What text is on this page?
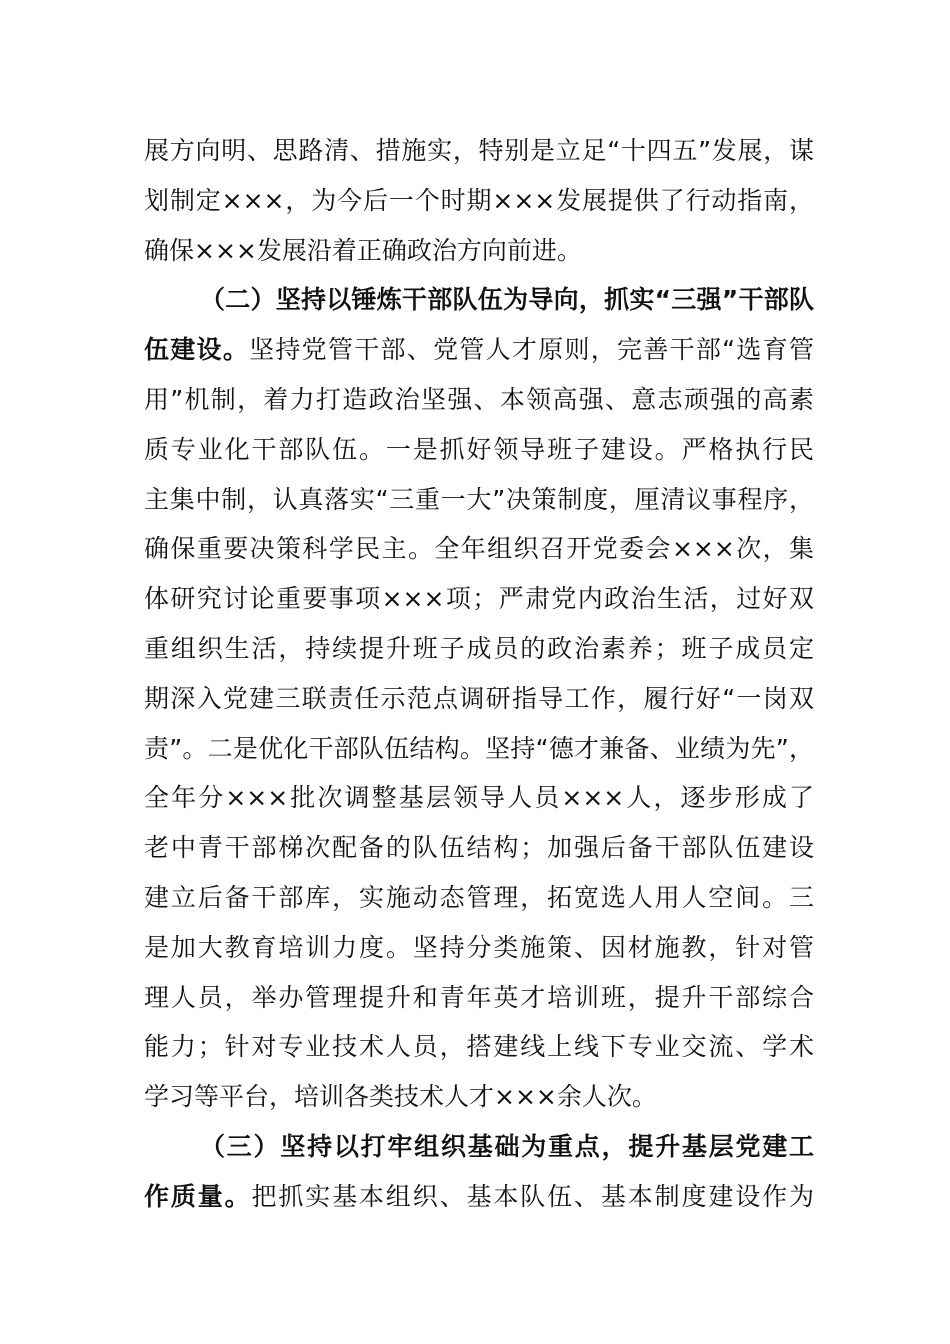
展方向明、思路清、措施实，特别是立足“十四五”发展，谋
划制定×××，为今后一个时期×××发展提供了行动指南，
确保×××发展沿着正确政治方向前进。
（二）坚持以锤炼干部队伍为导向，抓实“三强”干部队
伍建设。坚持党管干部、党管人才原则，完善干部“选育管
用”机制，着力打造政治坚强、本领高强、意志顽强的高素
质专业化干部队伍。一是抓好领导班子建设。严格执行民
主集中制，认真落实“三重一大”决策制度，厘清议事程序，
确保重要决策科学民主。全年组织召开党委会×××次，集
体研究讨论重要事项×××项；严肃党内政治生活，过好双
重组织生活，持续提升班子成员的政治素养；班子成员定
期深入党建三联责任示范点调研指导工作，履行好“一岗双
责”。二是优化干部队伍结构。坚持“德才兼备、业绩为先”，
全年分×××批次调整基层领导人员×××人，逐步形成了
老中青干部梯次配备的队伍结构；加强后备干部队伍建设
建立后备干部库，实施动态管理，拓宽选人用人空间。三
是加大教育培训力度。坚持分类施策、因材施教，针对管
理人员，举办管理提升和青年英才培训班，提升干部综合
能力；针对专业技术人员，搭建线上线下专业交流、学术
学习等平台，培训各类技术人才×××余人次。
（三）坚持以打牢组织基础为重点，提升基层党建工
作质量。把抓实基本组织、基本队伍、基本制度建设作为
